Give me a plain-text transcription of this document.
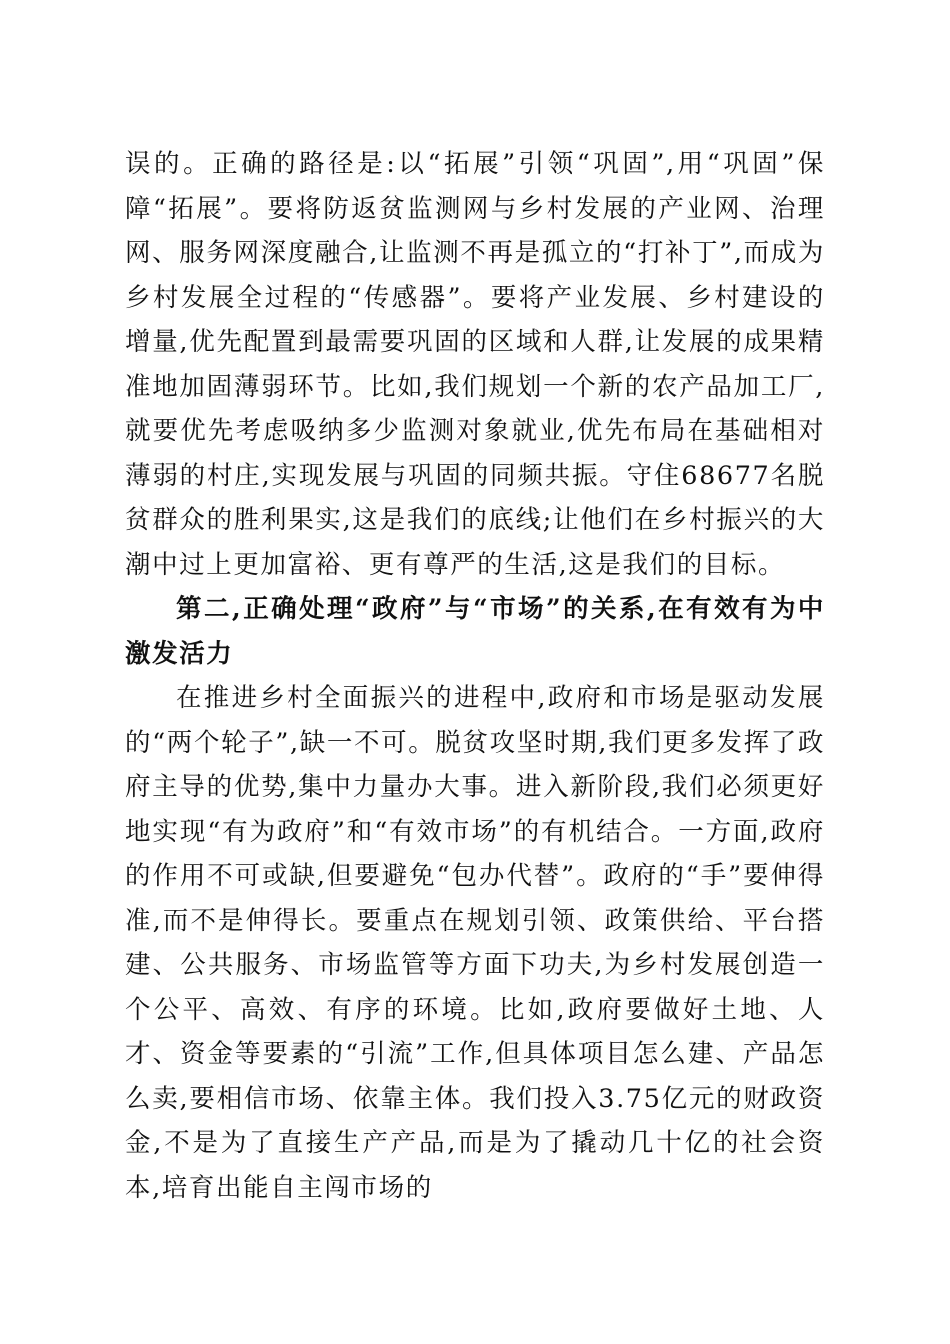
误的。正确的路径是:以“拓展”引领“巩固”,用“巩固”保障“拓展”。要将防返贫监测网与乡村发展的产业网、治理网、服务网深度融合,让监测不再是孤立的“打补丁”,而成为乡村发展全过程的“传感器”。要将产业发展、乡村建设的增量,优先配置到最需要巩固的区域和人群,让发展的成果精准地加固薄弱环节。比如,我们规划一个新的农产品加工厂,就要优先考虑吸纳多少监测对象就业,优先布局在基础相对薄弱的村庄,实现发展与巩固的同频共振。守住68677名脱贫群众的胜利果实,这是我们的底线;让他们在乡村振兴的大潮中过上更加富裕、更有尊严的生活,这是我们的目标。

第二,正确处理“政府”与“市场”的关系,在有效有为中激发活力

在推进乡村全面振兴的进程中,政府和市场是驱动发展的“两个轮子”,缺一不可。脱贫攻坚时期,我们更多发挥了政府主导的优势,集中力量办大事。进入新阶段,我们必须更好地实现“有为政府”和“有效市场”的有机结合。一方面,政府的作用不可或缺,但要避免“包办代替”。政府的“手”要伸得准,而不是伸得长。要重点在规划引领、政策供给、平台搭建、公共服务、市场监管等方面下功夫,为乡村发展创造一个公平、高效、有序的环境。比如,政府要做好土地、人才、资金等要素的“引流”工作,但具体项目怎么建、产品怎么卖,要相信市场、依靠主体。我们投入3.75亿元的财政资金,不是为了直接生产产品,而是为了撬动几十亿的社会资本,培育出能自主闯市场的
